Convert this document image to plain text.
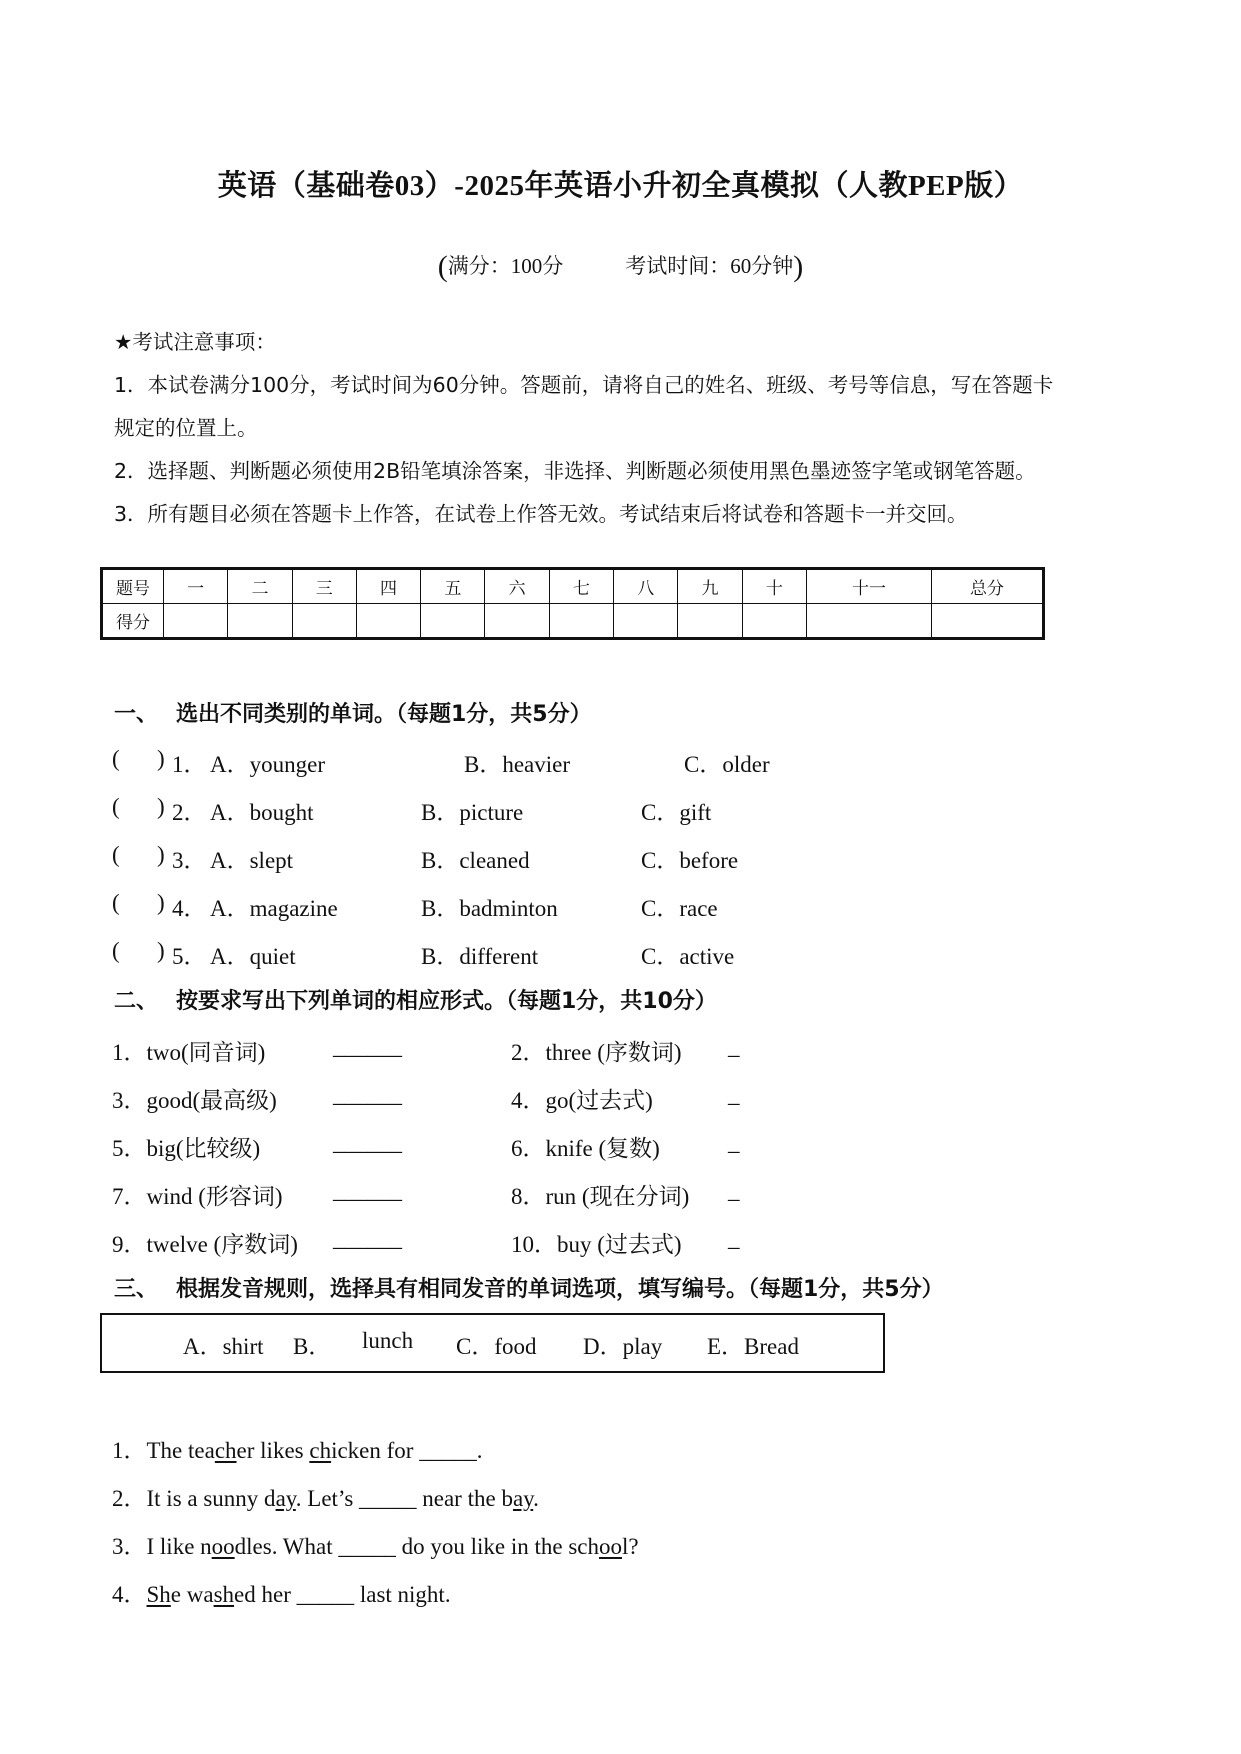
英语（基础卷03）-2025年英语小升初全真模拟（人教PEP版）
(满分：100分	考试时间：60分钟)
★考试注意事项：
1．本试卷满分100分，考试时间为60分钟。答题前，请将自己的姓名、班级、考号等信息，写在答题卡
规定的位置上。
2．选择题、判断题必须使用2B铅笔填涂答案，非选择、判断题必须使用黑色墨迹签字笔或钢笔答题。
3．所有题目必须在答题卡上作答，在试卷上作答无效。考试结束后将试卷和答题卡一并交回。
题号	一	二	三	四	五	六	七	八	九	十	十一	总分
得分												
一、 选出不同类别的单词。（每题1分，共5分）
( ) 1． A．younger	B．heavier	C．older
( ) 2． A．bought	B．picture	C．gift
( ) 3． A．slept	B．cleaned	C．before
( ) 4． A．magazine	B．badminton	C．race
( ) 5． A．quiet	B．different	C．active
二、 按要求写出下列单词的相应形式。（每题1分，共10分）
1．two(同音词)	______	2．three (序数词) _
3．good(最高级) ______	4．go(过去式)	_
5．big(比较级)	______	6．knife (复数)	_
7．wind (形容词) ______	8．run (现在分词) _
9．twelve (序数词) ______	10．buy (过去式) _
三、 根据发音规则，选择具有相同发音的单词选项，填写编号。（每题1分，共5分）
A．shirt B． lunch C．food D．play E．Bread
1．The teacher likes chicken for _____.
2．It is a sunny day. Let’s _____ near the bay.
3．I like noodles. What _____ do you like in the school?
4．She washed her _____ last night.
